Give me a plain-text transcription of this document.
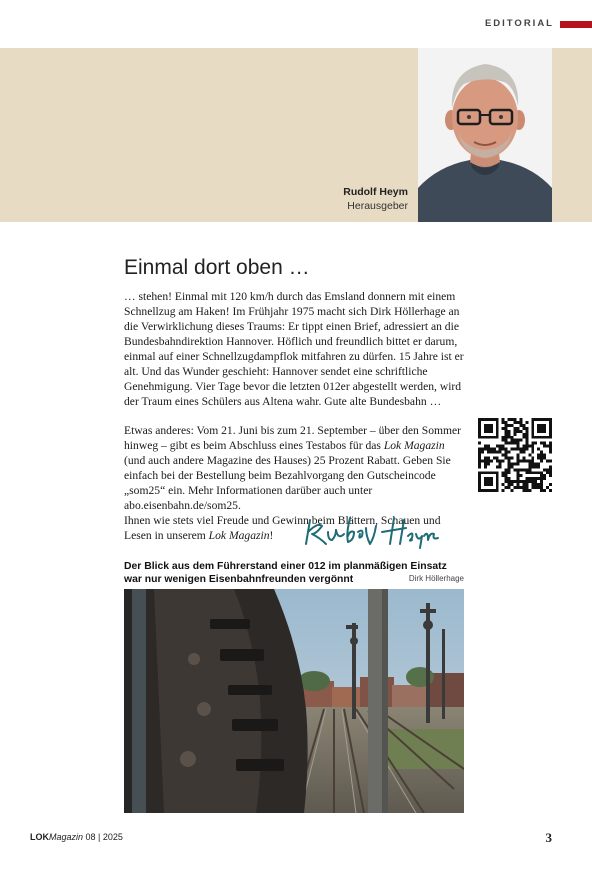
EDITORIAL
Rudolf Heym
Herausgeber
Einmal dort oben …

… stehen! Einmal mit 120 km/h durch das Emsland donnern mit einem Schnellzug am Haken! Im Frühjahr 1975 macht sich Dirk Höllerhage an die Verwirklichung dieses Traums: Er tippt einen Brief, adressiert an die Bundesbahndirektion Hannover. Höflich und freundlich bittet er darum, einmal auf einer Schnellzugdampflok mitfahren zu dürfen. 15 Jahre ist er alt. Und das Wunder geschieht: Hannover sendet eine schriftliche Genehmigung. Vier Tage bevor die letzten 012er abgestellt werden, wird der Traum eines Schülers aus Altena wahr. Gute alte Bundesbahn …

Etwas anderes: Vom 21. Juni bis zum 21. September – über den Sommer hinweg – gibt es beim Abschluss eines Testabos für das Lok Magazin (und auch andere Magazine des Hauses) 25 Prozent Rabatt. Geben Sie einfach bei der Bestellung beim Bezahlvorgang den Gutscheincode „som25“ ein. Mehr Informationen darüber auch unter abo.eisenbahn.de/som25.
Ihnen wie stets viel Freude und Gewinn beim Blättern, Schauen und Lesen in unserem Lok Magazin!

Der Blick aus dem Führerstand einer 012 im planmäßigen Einsatz war nur wenigen Eisenbahnfreunden vergönnt	Dirk Höllerhage
LOKMagazin 08 | 2025	3
